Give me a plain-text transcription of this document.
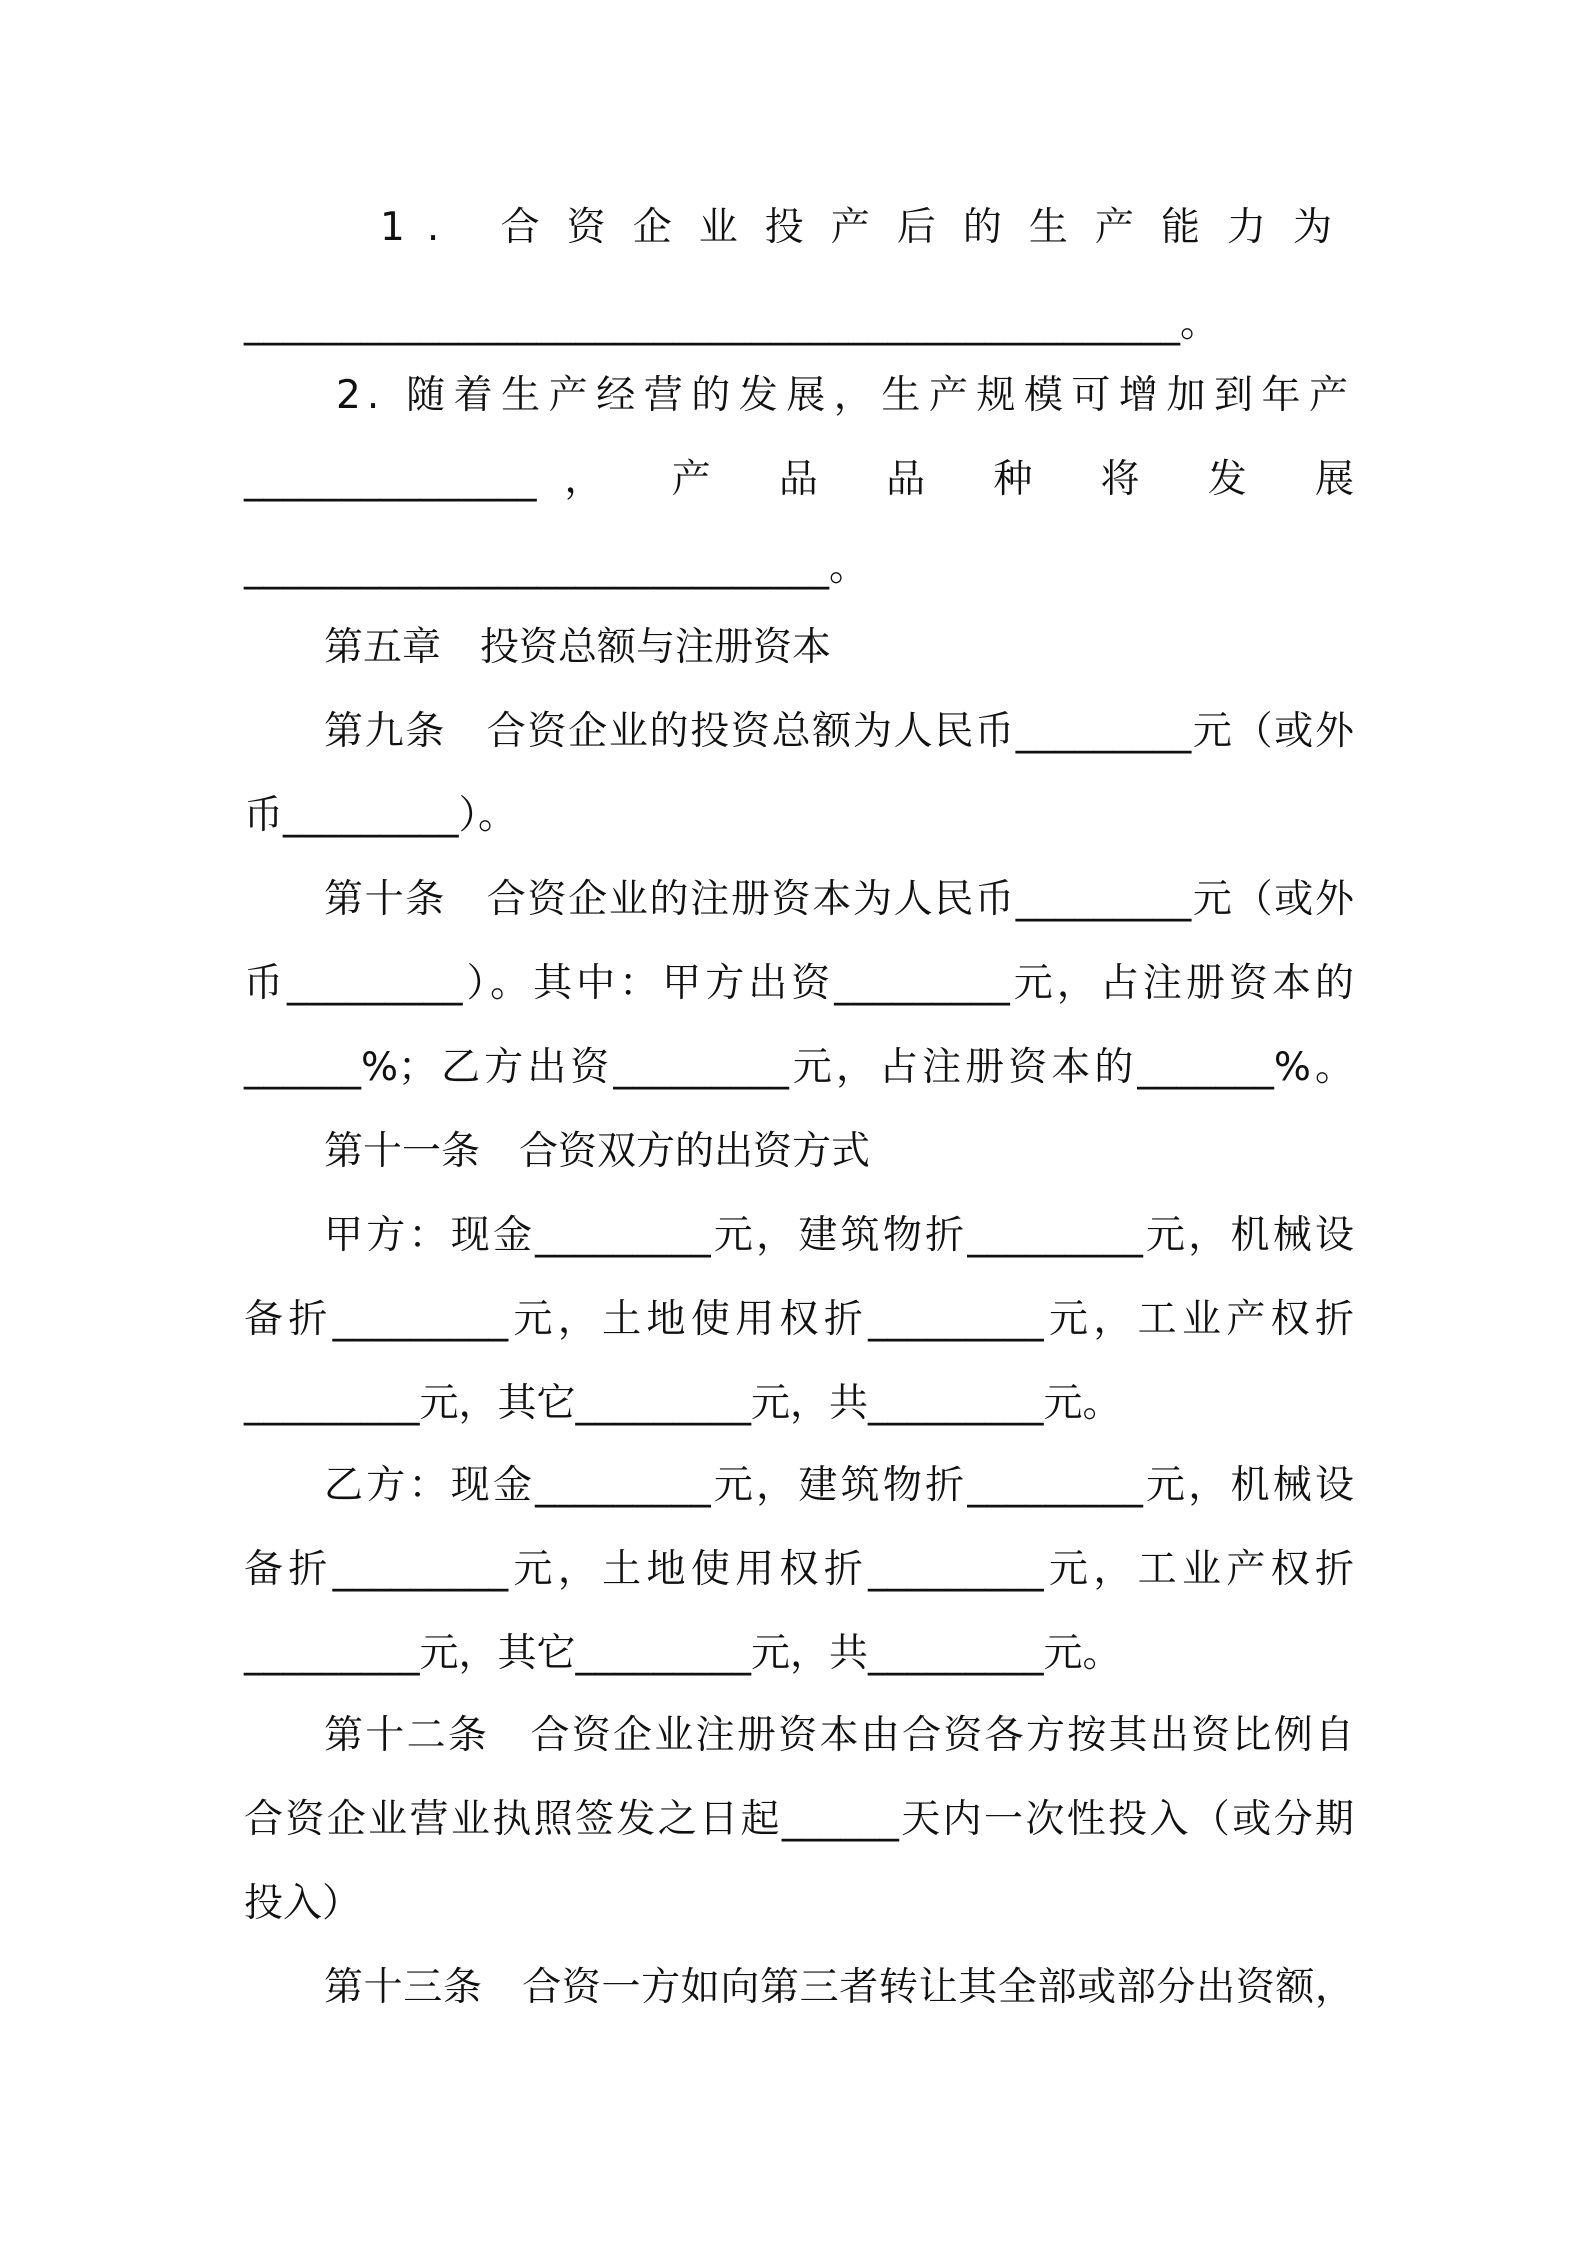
1. 合资企业投产后的生产能力为
________________________________________________。
2. 随着生产经营的发展，生产规模可增加到年产
_______________， 产 品 品 种 将 发 展
______________________________。
第五章　投资总额与注册资本
第九条　合资企业的投资总额为人民币_________元（或外
币_________）。
第十条　合资企业的注册资本为人民币_________元（或外
币_________）。其中：甲方出资_________元，占注册资本的
______%；乙方出资_________元，占注册资本的_______%。
第十一条　合资双方的出资方式
甲方：现金_________元，建筑物折_________元，机械设
备折_________元，土地使用权折_________元，工业产权折
_________元，其它_________元，共_________元。
乙方：现金_________元，建筑物折_________元，机械设
备折_________元，土地使用权折_________元，工业产权折
_________元，其它_________元，共_________元。
第十二条　合资企业注册资本由合资各方按其出资比例自
合资企业营业执照签发之日起______天内一次性投入（或分期
投入）
第十三条　合资一方如向第三者转让其全部或部分出资额，
